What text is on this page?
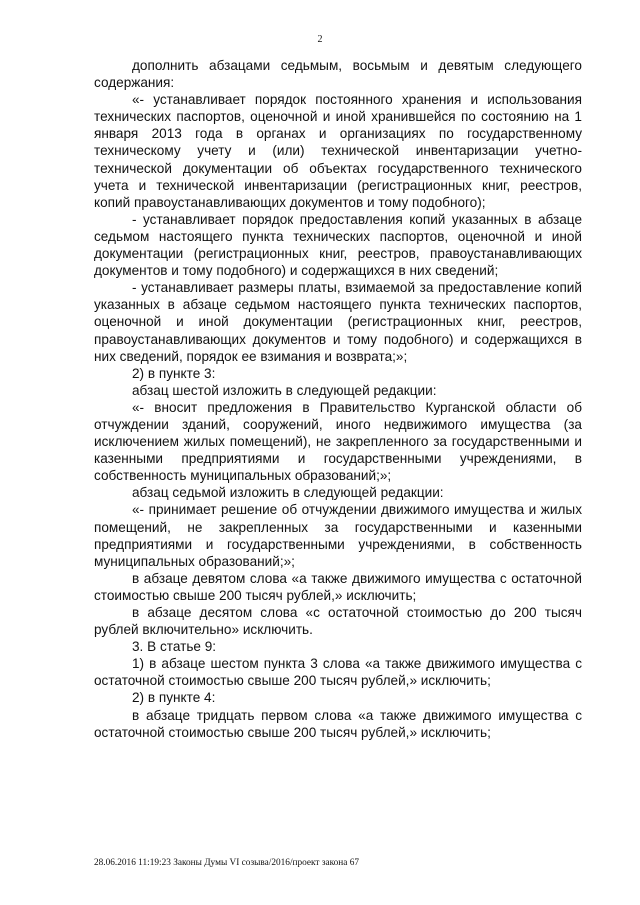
2

дополнить абзацами седьмым, восьмым и девятым следующего содержания:

«- устанавливает порядок постоянного хранения и использования технических паспортов, оценочной и иной хранившейся по состоянию на 1 января 2013 года в органах и организациях по государственному техническому учету и (или) технической инвентаризации учетно-технической документации об объектах государственного технического учета и технической инвентаризации (регистрационных книг, реестров, копий правоустанавливающих документов и тому подобного);

- устанавливает порядок предоставления копий указанных в абзаце седьмом настоящего пункта технических паспортов, оценочной и иной документации (регистрационных книг, реестров, правоустанавливающих документов и тому подобного) и содержащихся в них сведений;

- устанавливает размеры платы, взимаемой за предоставление копий указанных в абзаце седьмом настоящего пункта технических паспортов, оценочной и иной документации (регистрационных книг, реестров, правоустанавливающих документов и тому подобного) и содержащихся в них сведений, порядок ее взимания и возврата;»;

2) в пункте 3:

абзац шестой изложить в следующей редакции:

«- вносит предложения в Правительство Курганской области об отчуждении зданий, сооружений, иного недвижимого имущества (за исключением жилых помещений), не закрепленного за государственными и казенными предприятиями и государственными учреждениями, в собственность муниципальных образований;»;

абзац седьмой изложить в следующей редакции:

«- принимает решение об отчуждении движимого имущества и жилых помещений, не закрепленных за государственными и казенными предприятиями и государственными учреждениями, в собственность муниципальных образований;»;

в абзаце девятом слова «а также движимого имущества с остаточной стоимостью свыше 200 тысяч рублей,» исключить;

в абзаце десятом слова «с остаточной стоимостью до 200 тысяч рублей включительно» исключить.

3. В статье 9:

1) в абзаце шестом пункта 3 слова «а также движимого имущества с остаточной стоимостью свыше 200 тысяч рублей,» исключить;

2) в пункте 4:

в абзаце тридцать первом слова «а также движимого имущества с остаточной стоимостью свыше 200 тысяч рублей,» исключить;

28.06.2016 11:19:23 Законы Думы VI созыва/2016/проект закона 67
